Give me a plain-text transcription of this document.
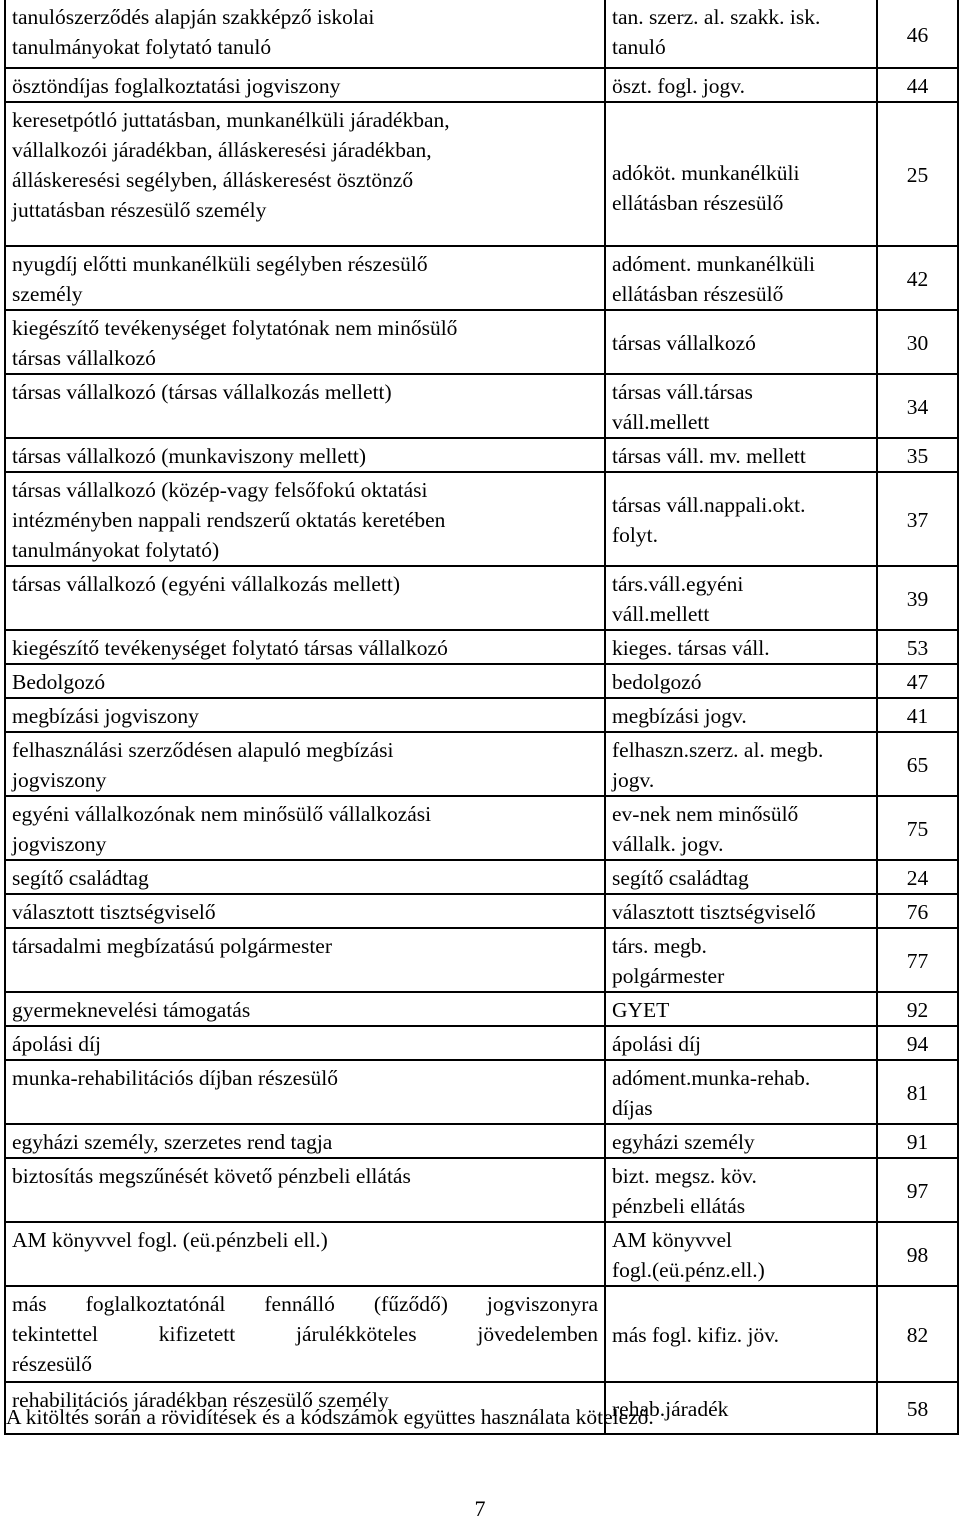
tanulószerződés alapján szakképző iskolai
tanulmányokat folytató tanuló	tan. szerz. al. szakk. isk.
tanuló	46

ösztöndíjas foglalkoztatási jogviszony	öszt. fogl. jogv.	44

keresetpótló juttatásban, munkanélküli járadékban,
vállalkozói járadékban, álláskeresési járadékban,
álláskeresési segélyben, álláskeresést ösztönző
juttatásban részesülő személy	adóköt. munkanélküli
ellátásban részesülő	25

nyugdíj előtti munkanélküli segélyben részesülő
személy	adóment. munkanélküli
ellátásban részesülő	42

kiegészítő tevékenységet folytatónak nem minősülő
társas vállalkozó	társas vállalkozó	30

társas vállalkozó (társas vállalkozás mellett)	társas váll.társas
váll.mellett	34

társas vállalkozó (munkaviszony mellett)	társas váll. mv. mellett	35

társas vállalkozó (közép-vagy felsőfokú oktatási
intézményben nappali rendszerű oktatás keretében
tanulmányokat folytató)	társas váll.nappali.okt.
folyt.	37

társas vállalkozó (egyéni vállalkozás mellett)	társ.váll.egyéni
váll.mellett	39

kiegészítő tevékenységet folytató társas vállalkozó	kieges. társas váll.	53

Bedolgozó	bedolgozó	47

megbízási jogviszony	megbízási jogv.	41

felhasználási szerződésen alapuló megbízási
jogviszony	felhaszn.szerz. al. megb.
jogv.	65

egyéni vállalkozónak nem minősülő vállalkozási
jogviszony	ev-nek nem minősülő
vállalk. jogv.	75

segítő családtag	segítő családtag	24

választott tisztségviselő	választott tisztségviselő	76

társadalmi megbízatású polgármester	társ. megb.
polgármester	77

gyermeknevelési támogatás	GYET	92

ápolási díj	ápolási díj	94

munka-rehabilitációs díjban részesülő	adóment.munka-rehab.
díjas	81

egyházi személy, szerzetes rend tagja	egyházi személy	91

biztosítás megszűnését követő pénzbeli ellátás	bizt. megsz. köv.
pénzbeli ellátás	97

AM könyvvel fogl. (eü.pénzbeli ell.)	AM könyvvel
fogl.(eü.pénz.ell.)	98

más foglalkoztatónál fennálló (fűződő) jogviszonyra
tekintettel kifizetett járulékköteles jövedelemben
részesülő	más fogl. kifiz. jöv.	82

rehabilitációs járadékban részesülő személy	rehab.járadék	58
A kitöltés során a rövidítések és a kódszámok együttes használata kötelező.
7
